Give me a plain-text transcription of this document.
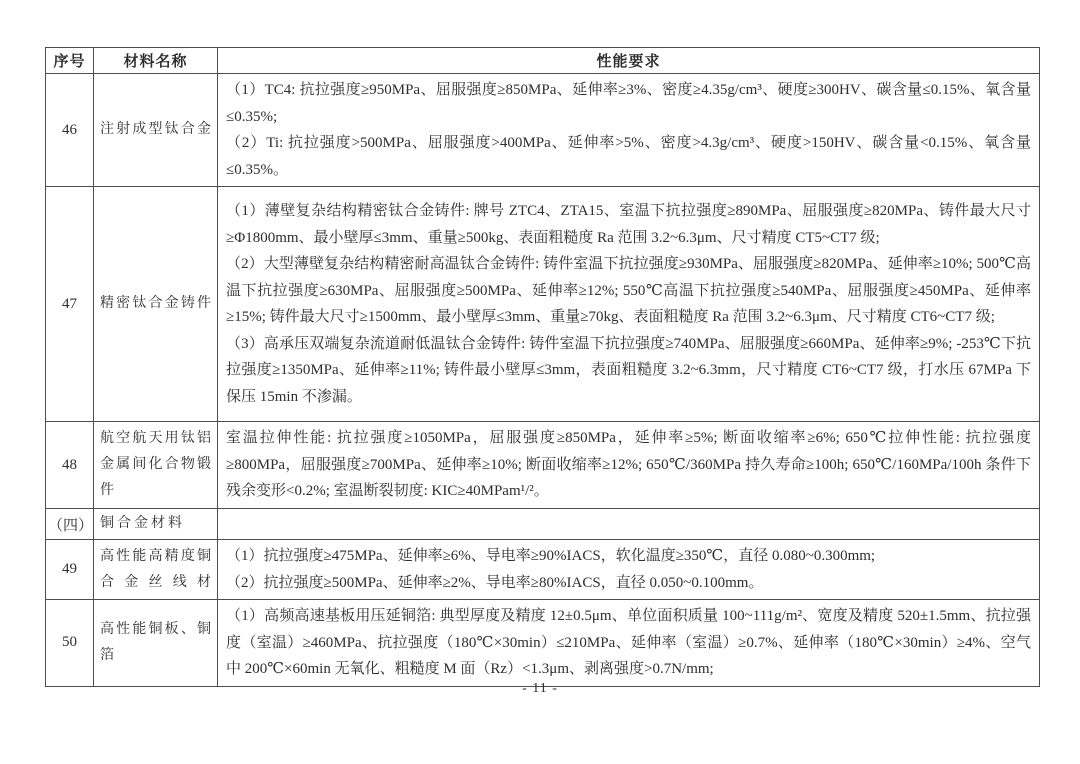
序号	材料名称	性能要求
46	注射成型钛合金	（1）TC4: 抗拉强度≥950MPa、屈服强度≥850MPa、延伸率≥3%、密度≥4.35g/cm³、硬度≥300HV、碳含量≤0.15%、氧含量≤0.35%;

（2）Ti: 抗拉强度>500MPa、屈服强度>400MPa、延伸率>5%、密度>4.3g/cm³、硬度>150HV、碳含量<0.15%、氧含量≤0.35%。

47	精密钛合金铸件	（1）薄壁复杂结构精密钛合金铸件: 牌号 ZTC4、ZTA15、室温下抗拉强度≥890MPa、屈服强度≥820MPa、铸件最大尺寸≥Φ1800mm、最小壁厚≤3mm、重量≥500kg、表面粗糙度 Ra 范围 3.2~6.3μm、尺寸精度 CT5~CT7 级;

（2）大型薄壁复杂结构精密耐高温钛合金铸件: 铸件室温下抗拉强度≥930MPa、屈服强度≥820MPa、延伸率≥10%; 500℃高温下抗拉强度≥630MPa、屈服强度≥500MPa、延伸率≥12%; 550℃高温下抗拉强度≥540MPa、屈服强度≥450MPa、延伸率≥15%; 铸件最大尺寸≥1500mm、最小壁厚≤3mm、重量≥70kg、表面粗糙度 Ra 范围 3.2~6.3μm、尺寸精度 CT6~CT7 级;

（3）高承压双端复杂流道耐低温钛合金铸件: 铸件室温下抗拉强度≥740MPa、屈服强度≥660MPa、延伸率≥9%; -253℃下抗拉强度≥1350MPa、延伸率≥11%; 铸件最小壁厚≤3mm，表面粗糙度 3.2~6.3mm，尺寸精度 CT6~CT7 级，打水压 67MPa 下保压 15min 不渗漏。

48	航空航天用钛铝金属间化合物锻件	室温拉伸性能: 抗拉强度≥1050MPa，屈服强度≥850MPa，延伸率≥5%; 断面收缩率≥6%; 650℃拉伸性能: 抗拉强度≥800MPa，屈服强度≥700MPa、延伸率≥10%; 断面收缩率≥12%; 650℃/360MPa 持久寿命≥100h; 650℃/160MPa/100h 条件下残余变形<0.2%; 室温断裂韧度: KIC≥40MPam¹/²。

（四）	铜合金材料	
49	高性能高精度铜合金丝线材	（1）抗拉强度≥475MPa、延伸率≥6%、导电率≥90%IACS，软化温度≥350℃，直径 0.080~0.300mm;

（2）抗拉强度≥500MPa、延伸率≥2%、导电率≥80%IACS，直径 0.050~0.100mm。

50	高性能铜板、铜箔	（1）高频高速基板用压延铜箔: 典型厚度及精度 12±0.5μm、单位面积质量 100~111g/m²、宽度及精度 520±1.5mm、抗拉强度（室温）≥460MPa、抗拉强度（180℃×30min）≤210MPa、延伸率（室温）≥0.7%、延伸率（180℃×30min）≥4%、空气中 200℃×60min 无氧化、粗糙度 M 面（Rz）<1.3μm、剥离强度>0.7N/mm;

- 11 -
